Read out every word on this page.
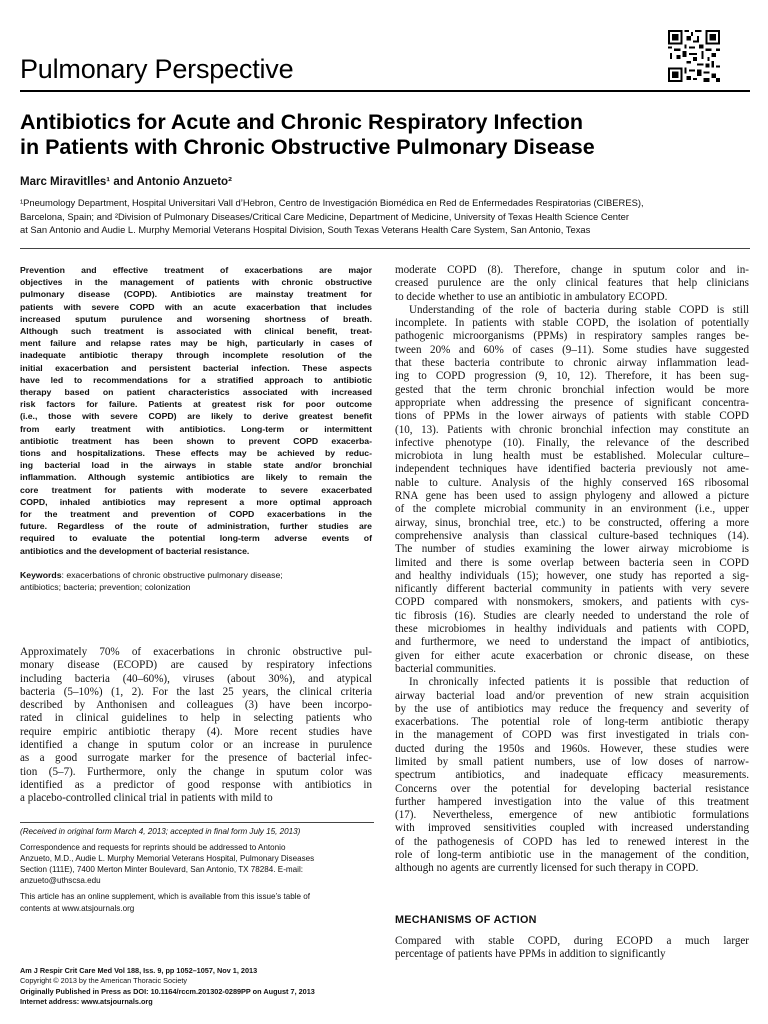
Pulmonary Perspective
Antibiotics for Acute and Chronic Respiratory Infection
in Patients with Chronic Obstructive Pulmonary Disease
Marc Miravitlles¹ and Antonio Anzueto²
¹Pneumology Department, Hospital Universitari Vall d’Hebron, Centro de Investigación Biomédica en Red de Enfermedades Respiratorias (CIBERES),
Barcelona, Spain; and ²Division of Pulmonary Diseases/Critical Care Medicine, Department of Medicine, University of Texas Health Science Center
at San Antonio and Audie L. Murphy Memorial Veterans Hospital Division, South Texas Veterans Health Care System, San Antonio, Texas
Prevention and effective treatment of exacerbations are major
objectives in the management of patients with chronic obstructive
pulmonary disease (COPD). Antibiotics are mainstay treatment for
patients with severe COPD with an acute exacerbation that includes
increased sputum purulence and worsening shortness of breath.
Although such treatment is associated with clinical benefit, treat-
ment failure and relapse rates may be high, particularly in cases of
inadequate antibiotic therapy through incomplete resolution of the
initial exacerbation and persistent bacterial infection. These aspects
have led to recommendations for a stratified approach to antibiotic
therapy based on patient characteristics associated with increased
risk factors for failure. Patients at greatest risk for poor outcome
(i.e., those with severe COPD) are likely to derive greatest benefit
from early treatment with antibiotics. Long-term or intermittent
antibiotic treatment has been shown to prevent COPD exacerba-
tions and hospitalizations. These effects may be achieved by reduc-
ing bacterial load in the airways in stable state and/or bronchial
inflammation. Although systemic antibiotics are likely to remain the
core treatment for patients with moderate to severe exacerbated
COPD, inhaled antibiotics may represent a more optimal approach
for the treatment and prevention of COPD exacerbations in the
future. Regardless of the route of administration, further studies are
required to evaluate the potential long-term adverse events of
antibiotics and the development of bacterial resistance.
Keywords: exacerbations of chronic obstructive pulmonary disease;
antibiotics; bacteria; prevention; colonization
Approximately 70% of exacerbations in chronic obstructive pul-
monary disease (ECOPD) are caused by respiratory infections
including bacteria (40–60%), viruses (about 30%), and atypical
bacteria (5–10%) (1, 2). For the last 25 years, the clinical criteria
described by Anthonisen and colleagues (3) have been incorpo-
rated in clinical guidelines to help in selecting patients who
require empiric antibiotic therapy (4). More recent studies have
identified a change in sputum color or an increase in purulence
as a good surrogate marker for the presence of bacterial infec-
tion (5–7). Furthermore, only the change in sputum color was
identified as a predictor of good response with antibiotics in
a placebo-controlled clinical trial in patients with mild to
(Received in original form March 4, 2013; accepted in final form July 15, 2013)
Correspondence and requests for reprints should be addressed to Antonio
Anzueto, M.D., Audie L. Murphy Memorial Veterans Hospital, Pulmonary Diseases
Section (111E), 7400 Merton Minter Boulevard, San Antonio, TX 78284. E-mail:
anzueto@uthscsa.edu
This article has an online supplement, which is available from this issue’s table of
contents at www.atsjournals.org
Am J Respir Crit Care Med Vol 188, Iss. 9, pp 1052–1057, Nov 1, 2013
Copyright © 2013 by the American Thoracic Society
Originally Published in Press as DOI: 10.1164/rccm.201302-0289PP on August 7, 2013
Internet address: www.atsjournals.org
moderate COPD (8). Therefore, change in sputum color and in-
creased purulence are the only clinical features that help clinicians
to decide whether to use an antibiotic in ambulatory ECOPD.
Understanding of the role of bacteria during stable COPD is still
incomplete. In patients with stable COPD, the isolation of potentially
pathogenic microorganisms (PPMs) in respiratory samples ranges be-
tween 20% and 60% of cases (9–11). Some studies have suggested
that these bacteria contribute to chronic airway inflammation lead-
ing to COPD progression (9, 10, 12). Therefore, it has been sug-
gested that the term chronic bronchial infection would be more
appropriate when addressing the presence of significant concentra-
tions of PPMs in the lower airways of patients with stable COPD
(10, 13). Patients with chronic bronchial infection may constitute an
infective phenotype (10). Finally, the relevance of the described
microbiota in lung health must be established. Molecular culture–
independent techniques have identified bacteria previously not ame-
nable to culture. Analysis of the highly conserved 16S ribosomal
RNA gene has been used to assign phylogeny and allowed a picture
of the complete microbial community in an environment (i.e., upper
airway, sinus, bronchial tree, etc.) to be constructed, offering a more
comprehensive analysis than classical culture-based techniques (14).
The number of studies examining the lower airway microbiome is
limited and there is some overlap between bacteria seen in COPD
and healthy individuals (15); however, one study has reported a sig-
nificantly different bacterial community in patients with very severe
COPD compared with nonsmokers, smokers, and patients with cys-
tic fibrosis (16). Studies are clearly needed to understand the role of
these microbiomes in healthy individuals and patients with COPD,
and furthermore, we need to understand the impact of antibiotics,
given for either acute exacerbation or chronic disease, on these
bacterial communities.
In chronically infected patients it is possible that reduction of
airway bacterial load and/or prevention of new strain acquisition
by the use of antibiotics may reduce the frequency and severity of
exacerbations. The potential role of long-term antibiotic therapy
in the management of COPD was first investigated in trials con-
ducted during the 1950s and 1960s. However, these studies were
limited by small patient numbers, use of low doses of narrow-
spectrum antibiotics, and inadequate efficacy measurements.
Concerns over the potential for developing bacterial resistance
further hampered investigation into the value of this treatment
(17). Nevertheless, emergence of new antibiotic formulations
with improved sensitivities coupled with increased understanding
of the pathogenesis of COPD has led to renewed interest in the
role of long-term antibiotic use in the management of the condition,
although no agents are currently licensed for such therapy in COPD.
MECHANISMS OF ACTION
Compared with stable COPD, during ECOPD a much larger
percentage of patients have PPMs in addition to significantly
